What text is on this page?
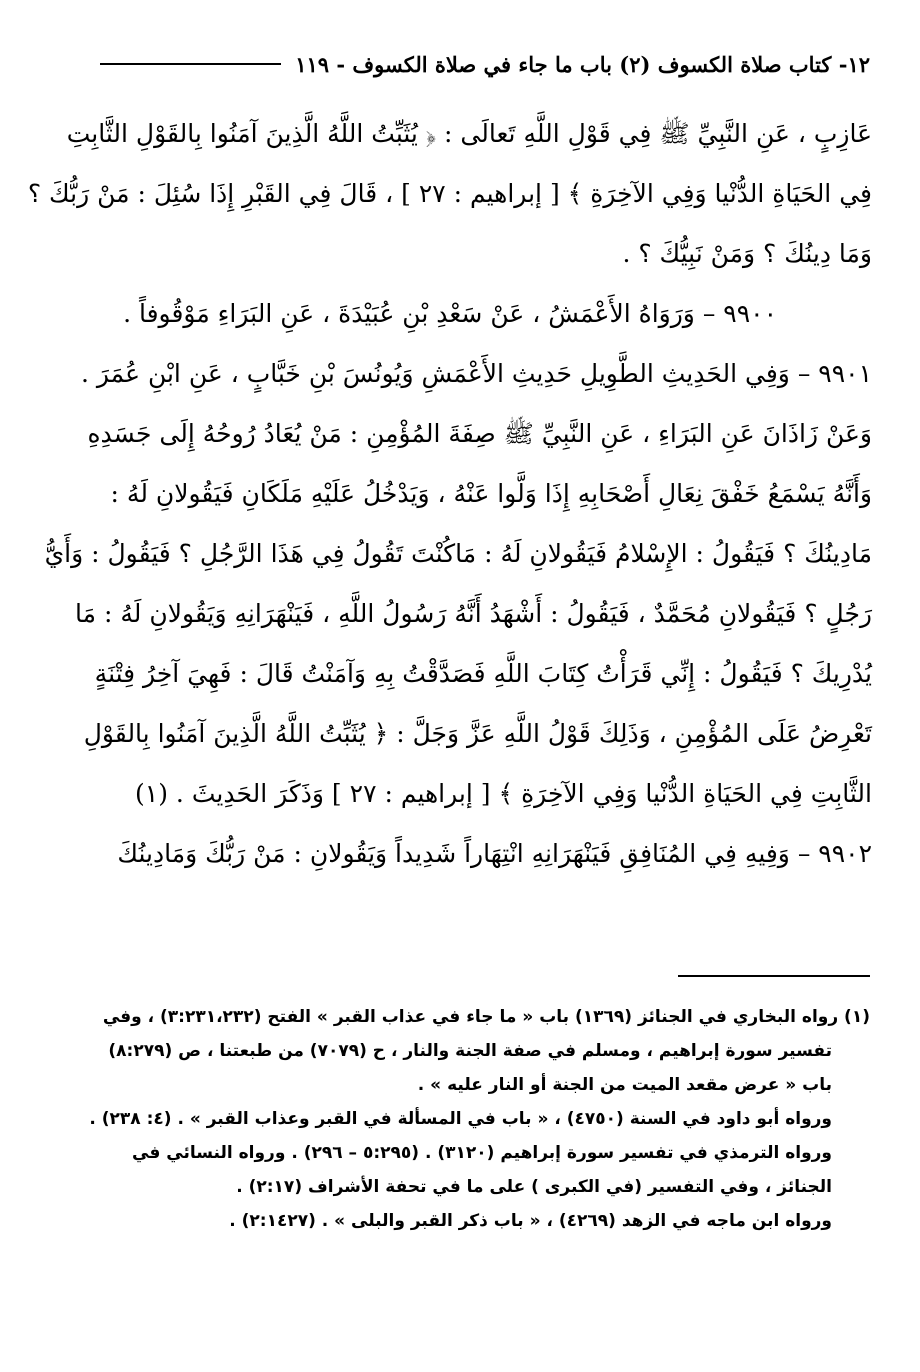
١٢- كتاب صلاة الكسوف (٢) باب ما جاء في صلاة الكسوف - ١١٩
عَازِبٍ ، عَنِ النَّبِيِّ ﷺ فِي قَوْلِ اللَّهِ تَعالَى : ﴿ يُثَبِّتُ اللَّهُ الَّذِينَ آمَنُوا بِالقَوْلِ الثَّابِتِ
فِي الحَيَاةِ الدُّنْيا وَفِي الآخِرَةِ ﴾ [ إبراهيم : ٢٧ ] ، قَالَ فِي القَبْرِ إِذَا سُئِلَ : مَنْ رَبُّكَ ؟
وَمَا دِينُكَ ؟ وَمَنْ نَبِيُّكَ ؟ .
٩٩٠٠ – وَرَوَاهُ الأَعْمَشُ ، عَنْ سَعْدِ بْنِ عُبَيْدَةَ ، عَنِ البَرَاءِ مَوْقُوفاً .
٩٩٠١ – وَفِي الحَدِيثِ الطَّوِيلِ حَدِيثِ الأَعْمَشِ وَيُونُسَ بْنِ خَبَّابٍ ، عَنِ ابْنِ عُمَرَ .
وَعَنْ زَاذَانَ عَنِ البَرَاءِ ، عَنِ النَّبِيِّ ﷺ صِفَةَ المُؤْمِنِ : مَنْ يُعَادُ رُوحُهُ إِلَى جَسَدِهِ
وَأَنَّهُ يَسْمَعُ خَفْقَ نِعَالِ أَصْحَابِهِ إِذَا وَلَّوا عَنْهُ ، وَيَدْخُلُ عَلَيْهِ مَلَكَانِ فَيَقُولانِ لَهُ :
مَادِينُكَ ؟ فَيَقُولُ : الإِسْلامُ فَيَقُولانِ لَهُ : مَاكُنْتَ تَقُولُ فِي هَذَا الرَّجُلِ ؟ فَيَقُولُ : وَأَيُّ
رَجُلٍ ؟ فَيَقُولانِ مُحَمَّدٌ ، فَيَقُولُ : أَشْهَدُ أَنَّهُ رَسُولُ اللَّهِ ، فَيَنْهَرَانِهِ وَيَقُولانِ لَهُ : مَا
يُدْرِيكَ ؟ فَيَقُولُ : إِنِّي قَرَأْتُ كِتَابَ اللَّهِ فَصَدَّقْتُ بِهِ وَآمَنْتُ قَالَ : فَهِيَ آخِرُ فِتْنَةٍ
تَعْرِضُ عَلَى المُؤْمِنِ ، وَذَلِكَ قَوْلُ اللَّهِ عَزَّ وَجَلَّ : ﴿ يُثَبِّتُ اللَّهُ الَّذِينَ آمَنُوا بِالقَوْلِ
الثَّابِتِ فِي الحَيَاةِ الدُّنْيا وَفِي الآخِرَةِ ﴾ [ إبراهيم : ٢٧ ] وَذَكَرَ الحَدِيثَ . (١)
٩٩٠٢ – وَفِيهِ فِي المُنَافِقِ فَيَنْهَرَانِهِ انْتِهَاراً شَدِيداً وَيَقُولانِ : مَنْ رَبُّكَ وَمَادِينُكَ
(١) رواه البخاري في الجنائز (١٣٦٩) باب « ما جاء في عذاب القبر » الفتح (٣:٢٣١،٢٣٢) ، وفي
تفسير سورة إبراهيم ، ومسلم في صفة الجنة والنار ، ح (٧٠٧٩) من طبعتنا ، ص (٨:٢٧٩)
باب « عرض مقعد الميت من الجنة أو النار عليه » .
ورواه أبو داود في السنة (٤٧٥٠) ، « باب في المسألة في القبر وعذاب القبر » . (٤: ٢٣٨) .
ورواه الترمذي في تفسير سورة إبراهيم (٣١٢٠) . (٥:٢٩٥ – ٢٩٦) . ورواه النسائي في
الجنائز ، وفي التفسير (في الكبرى ) على ما في تحفة الأشراف (٢:١٧) .
ورواه ابن ماجه في الزهد (٤٢٦٩) ، « باب ذكر القبر والبلى » . (٢:١٤٢٧) .
